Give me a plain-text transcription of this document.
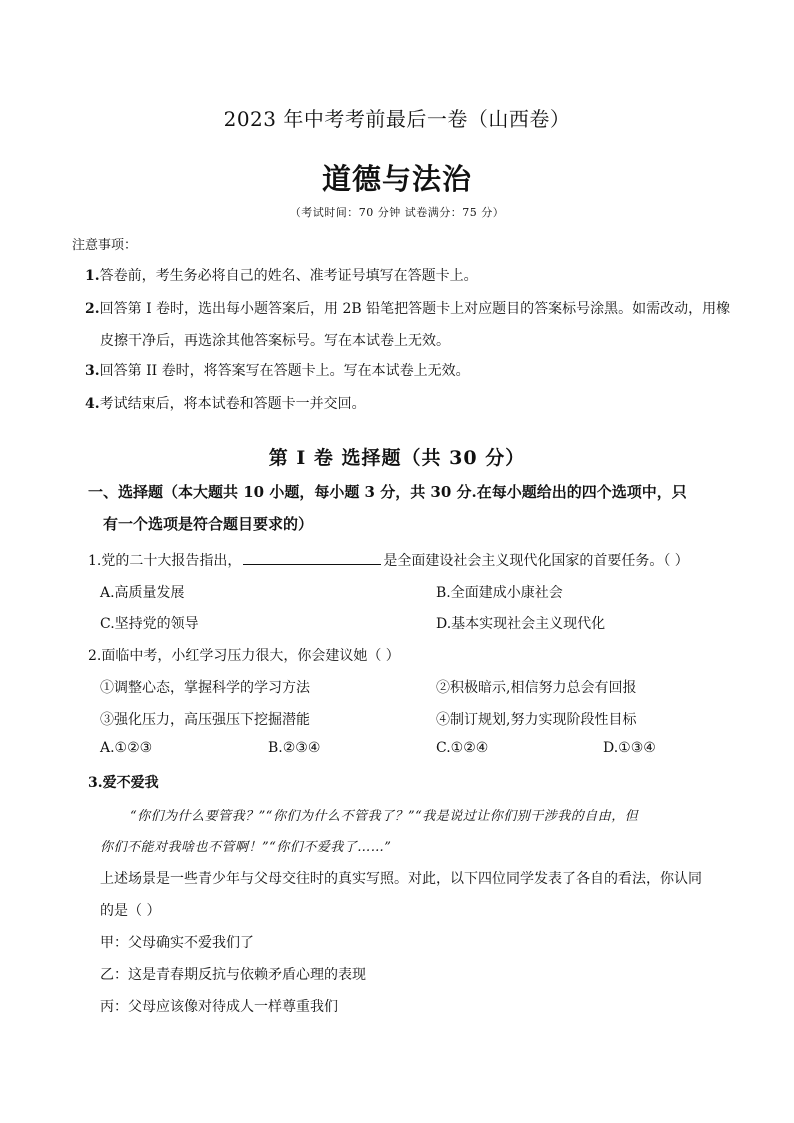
2023 年中考考前最后一卷（山西卷）
道德与法治
（考试时间：70 分钟 试卷满分：75 分）
注意事项：
1.答卷前，考生务必将自己的姓名、准考证号填写在答题卡上。
2.回答第 I 卷时，选出每小题答案后，用 2B 铅笔把答题卡上对应题目的答案标号涂黑。如需改动，用橡
皮擦干净后，再选涂其他答案标号。写在本试卷上无效。
3.回答第 II 卷时，将答案写在答题卡上。写在本试卷上无效。
4.考试结束后，将本试卷和答题卡一并交回。
第 I 卷 选择题（共 30 分）
一、选择题（本大题共 10 小题，每小题 3 分，共 30 分.在每小题给出的四个选项中，只
有一个选项是符合题目要求的）
1.党的二十大报告指出，	是全面建设社会主义现代化国家的首要任务。（ ）
A.高质量发展	B.全面建成小康社会
C.坚持党的领导	D.基本实现社会主义现代化
2.面临中考，小红学习压力很大，你会建议她（ ）
①调整心态，掌握科学的学习方法	②积极暗示,相信努力总会有回报
③强化压力，高压强压下挖掘潜能	④制订规划,努力实现阶段性目标
A.①②③	B.②③④	C.①②④	D.①③④
3.爱不爱我
“你们为什么要管我？”“你们为什么不管我了？”“我是说过让你们别干涉我的自由，但
你们不能对我啥也不管啊！”“你们不爱我了……”
上述场景是一些青少年与父母交往时的真实写照。对此，以下四位同学发表了各自的看法，你认同
的是（ ）
甲：父母确实不爱我们了
乙：这是青春期反抗与依赖矛盾心理的表现
丙：父母应该像对待成人一样尊重我们
